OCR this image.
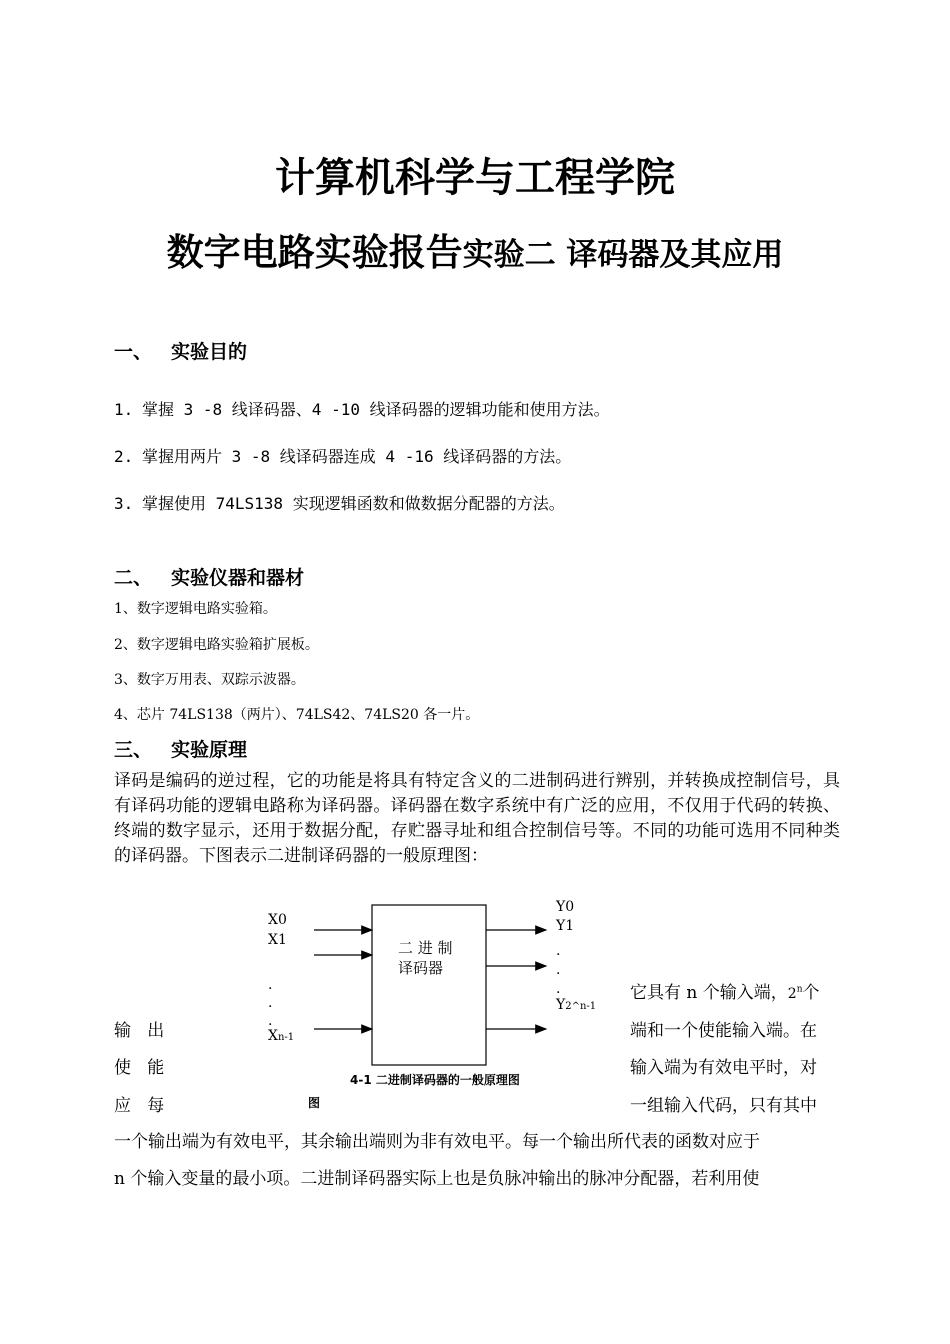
计算机科学与工程学院
数字电路实验报告实验二 译码器及其应用
一、 实验目的
1. 掌握 3 -8 线译码器、4 -10 线译码器的逻辑功能和使用方法。
2. 掌握用两片 3 -8 线译码器连成 4 -16 线译码器的方法。
3. 掌握使用 74LS138 实现逻辑函数和做数据分配器的方法。
二、 实验仪器和器材
1、数字逻辑电路实验箱。
2、数字逻辑电路实验箱扩展板。
3、数字万用表、双踪示波器。
4、芯片 74LS138（两片）、74LS42、74LS20 各一片。
三、 实验原理
译码是编码的逆过程，它的功能是将具有特定含义的二进制码进行辨别，并转换成控制信号，具有译码功能的逻辑电路称为译码器。译码器在数字系统中有广泛的应用，不仅用于代码的转换、终端的数字显示，还用于数据分配，存贮器寻址和组合控制信号等。不同的功能可选用不同种类的译码器。下图表示二进制译码器的一般原理图：
二 进 制
译码器
X0
X1
.
.
.
Xn-1
Y0
Y1
.
.
.
Y2^n-1
4-1 二进制译码器的一般原理图
图
它具有 n 个输入端，2$^n$个
端和一个使能输入端。在
输入端为有效电平时，对
一组输入代码，只有其中
输   出
使   能
应   每
一个输出端为有效电平，其余输出端则为非有效电平。每一个输出所代表的函数对应于
n 个输入变量的最小项。二进制译码器实际上也是负脉冲输出的脉冲分配器，若利用使
